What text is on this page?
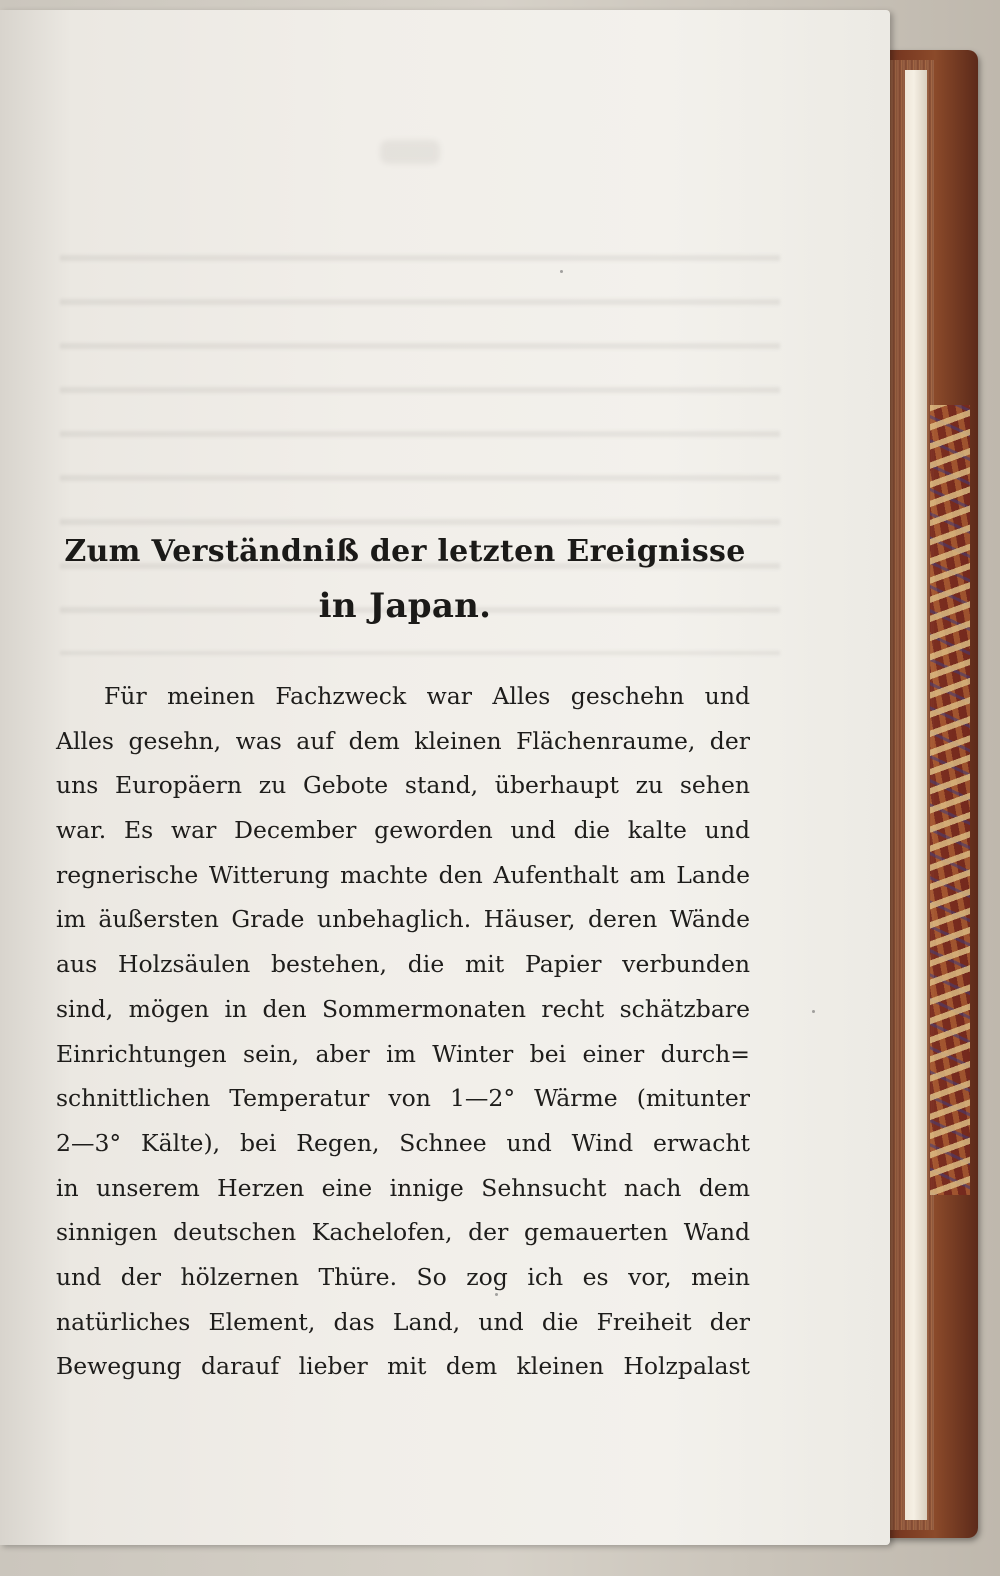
Zum Verständniß der letzten Ereignisse
in Japan.
Für meinen Fachzweck war Alles geschehn und
Alles gesehn, was auf dem kleinen Flächenraume, der
uns Europäern zu Gebote stand, überhaupt zu sehen
war. Es war December geworden und die kalte und
regnerische Witterung machte den Aufenthalt am Lande
im äußersten Grade unbehaglich. Häuser, deren Wände
aus Holzsäulen bestehen, die mit Papier verbunden
sind, mögen in den Sommermonaten recht schätzbare
Einrichtungen sein, aber im Winter bei einer durch=
schnittlichen Temperatur von 1—2° Wärme (mitunter
2—3° Kälte), bei Regen, Schnee und Wind erwacht
in unserem Herzen eine innige Sehnsucht nach dem
sinnigen deutschen Kachelofen, der gemauerten Wand
und der hölzernen Thüre. So zog ich es vor, mein
natürliches Element, das Land, und die Freiheit der
Bewegung darauf lieber mit dem kleinen Holzpalast
